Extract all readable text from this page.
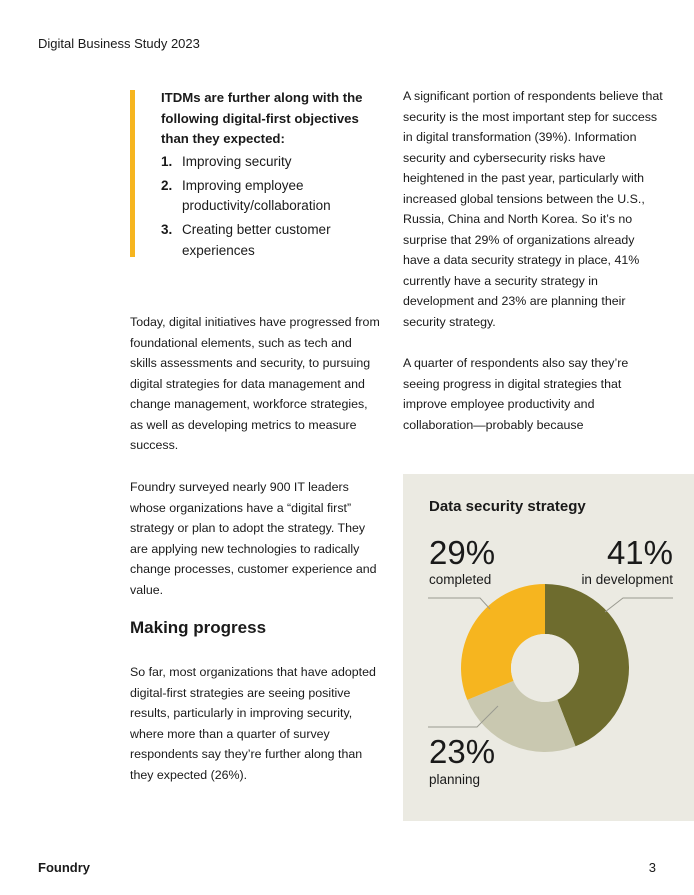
Digital Business Study 2023

ITDMs are further along with the following digital-first objectives than they expected:

1. Improving security
2. Improving employee productivity/collaboration
3. Creating better customer experiences

Today, digital initiatives have progressed from foundational elements, such as tech and skills assessments and security, to pursuing digital strategies for data management and change management, workforce strategies, as well as developing metrics to measure success.

Foundry surveyed nearly 900 IT leaders whose organizations have a “digital first” strategy or plan to adopt the strategy. They are applying new technologies to radically change processes, customer experience and value.

Making progress

So far, most organizations that have adopted digital-first strategies are seeing positive results, particularly in improving security, where more than a quarter of survey respondents say they’re further along than they expected (26%).

A significant portion of respondents believe that security is the most important step for success in digital transformation (39%). Information security and cybersecurity risks have heightened in the past year, particularly with increased global tensions between the U.S., Russia, China and North Korea. So it’s no surprise that 29% of organizations already have a data security strategy in place, 41% currently have a security strategy in development and 23% are planning their security strategy.

A quarter of respondents also say they’re seeing progress in digital strategies that improve employee productivity and collaboration—probably because

Data security strategy
29%
completed
41%
in development
23%
planning
Foundry	3
